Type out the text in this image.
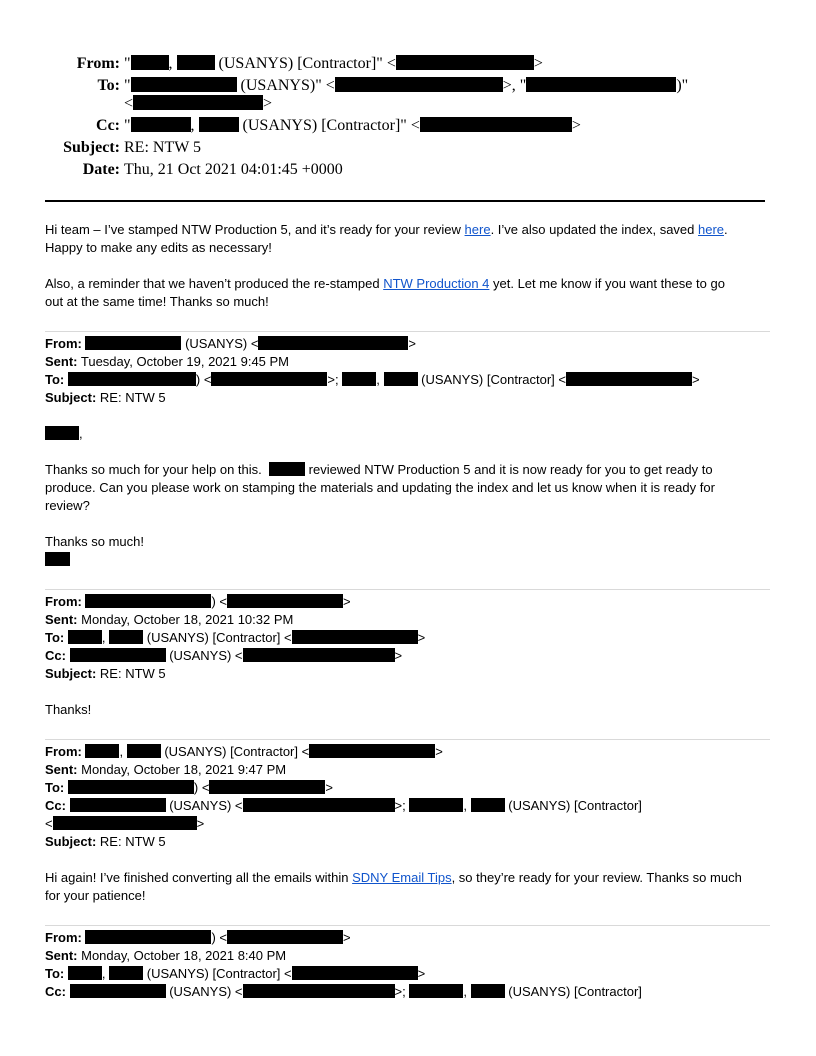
From: " ,	(USANYS) [Contractor]" <	>
To: "	(USANYS)" <	>, "	)"
<	>
Cc: "	,	(USANYS) [Contractor]" <	>
Subject: RE: NTW 5
Date: Thu, 21 Oct 2021 04:01:45 +0000

Hi team – I’ve stamped NTW Production 5, and it’s ready for your review here. I’ve also updated the index, saved here.
Happy to make any edits as necessary!

Also, a reminder that we haven’t produced the re-stamped NTW Production 4 yet. Let me know if you want these to go
out at the same time! Thanks so much!

From:	(USANYS) <	>
Sent: Tuesday, October 19, 2021 9:45 PM
To:	) <	>;	,	(USANYS) [Contractor] <	>
Subject: RE: NTW 5

,

Thanks so much for your help on this.	reviewed NTW Production 5 and it is now ready for you to get ready to
produce. Can you please work on stamping the materials and updating the index and let us know when it is ready for
review?

Thanks so much!

From:	) <	>
Sent: Monday, October 18, 2021 10:32 PM
To:	,	(USANYS) [Contractor] <	>
Cc:	(USANYS) <	>
Subject: RE: NTW 5

Thanks!

From:	,	(USANYS) [Contractor] <	>
Sent: Monday, October 18, 2021 9:47 PM
To:	) <	>
Cc:	(USANYS) <	>;	,	(USANYS) [Contractor]
<	>
Subject: RE: NTW 5

Hi again! I’ve finished converting all the emails within SDNY Email Tips, so they’re ready for your review. Thanks so much
for your patience!

From:	) <	>
Sent: Monday, October 18, 2021 8:40 PM
To:	,	(USANYS) [Contractor] <	>
Cc:	(USANYS) <	>;	,	(USANYS) [Contractor]
